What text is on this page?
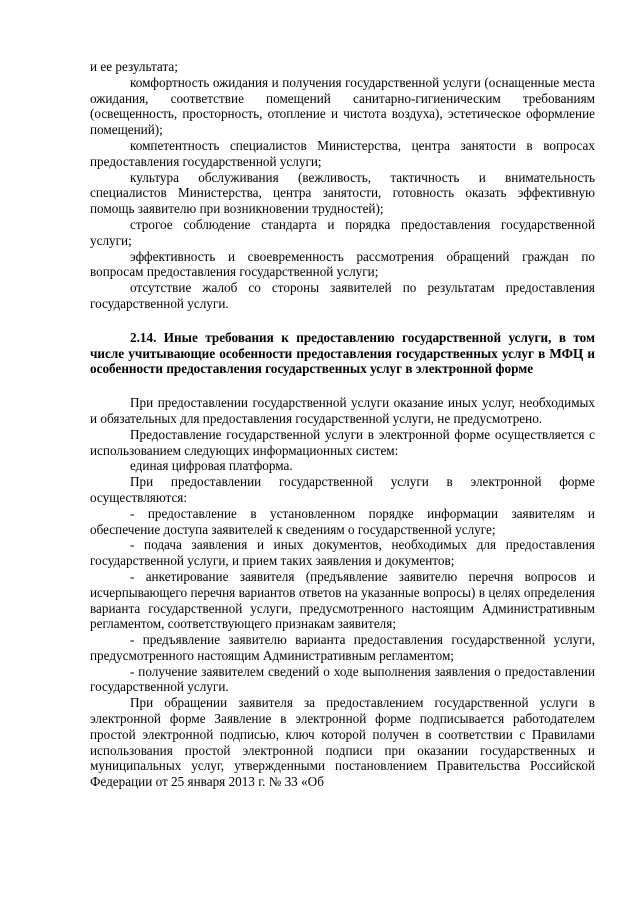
и ее результата;

комфортность ожидания и получения государственной услуги (оснащенные места ожидания, соответствие помещений санитарно-гигиеническим требованиям (освещенность, просторность, отопление и чистота воздуха), эстетическое оформление помещений);

компетентность специалистов Министерства, центра занятости в вопросах предоставления государственной услуги;

культура обслуживания (вежливость, тактичность и внимательность специалистов Министерства, центра занятости, готовность оказать эффективную помощь заявителю при возникновении трудностей);

строгое соблюдение стандарта и порядка предоставления государственной услуги;

эффективность и своевременность рассмотрения обращений граждан по вопросам предоставления государственной услуги;

отсутствие жалоб со стороны заявителей по результатам предоставления государственной услуги.

2.14. Иные требования к предоставлению государственной услуги, в том числе учитывающие особенности предоставления государственных услуг в МФЦ и особенности предоставления государственных услуг в электронной форме

При предоставлении государственной услуги оказание иных услуг, необходимых и обязательных для предоставления государственной услуги, не предусмотрено.

Предоставление государственной услуги в электронной форме осуществляется с использованием следующих информационных систем:

единая цифровая платформа.

При предоставлении государственной услуги в электронной форме осуществляются:

- предоставление в установленном порядке информации заявителям и обеспечение доступа заявителей к сведениям о государственной услуге;

- подача заявления и иных документов, необходимых для предоставления государственной услуги, и прием таких заявления и документов;

- анкетирование заявителя (предъявление заявителю перечня вопросов и исчерпывающего перечня вариантов ответов на указанные вопросы) в целях определения варианта государственной услуги, предусмотренного настоящим Административным регламентом, соответствующего признакам заявителя;

- предъявление заявителю варианта предоставления государственной услуги, предусмотренного настоящим Административным регламентом;

- получение заявителем сведений о ходе выполнения заявления о предоставлении государственной услуги.

При обращении заявителя за предоставлением государственной услуги в электронной форме Заявление в электронной форме подписывается работодателем простой электронной подписью, ключ которой получен в соответствии с Правилами использования простой электронной подписи при оказании государственных и муниципальных услуг, утвержденными постановлением Правительства Российской Федерации от 25 января 2013 г. № 33 «Об
